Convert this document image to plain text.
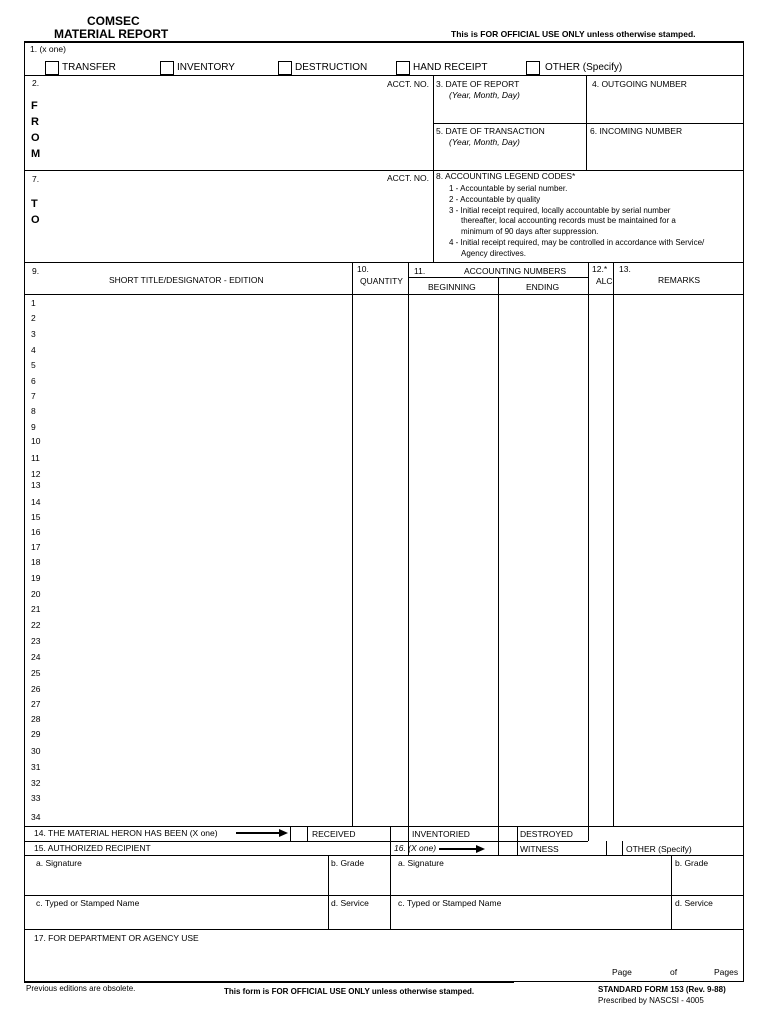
COMSEC
MATERIAL REPORT	This is FOR OFFICIAL USE ONLY unless otherwise stamped.
1. (x one)
TRANSFER	INVENTORY	DESTRUCTION	HAND RECEIPT	OTHER (Specify)
2.
F
R
O
M
ACCT. NO. 3. DATE OF REPORT
(Year, Month, Day)
4. OUTGOING NUMBER
5. DATE OF TRANSACTION
(Year, Month, Day)
6. INCOMING NUMBER
7.
T
O
ACCT. NO. 8. ACCOUNTING LEGEND CODES*
1 - Accountable by serial number.
2 - Accountable by quality
3 - Initial receipt required, locally accountable by serial number
thereafter, local accounting records must be maintained for a
minimum of 90 days after suppression.
4 - Initial receipt required, may be controlled in accordance with Service/
Agency directives.
9.
SHORT TITLE/DESIGNATOR - EDITION
10.
QUANTITY
11.	ACCOUNTING NUMBERS
BEGINNING	ENDING
12.*
ALC
13.
REMARKS
1
2
3
4
5
6
7
8
9
10
11
12
13
14
15
16
17
18
19
20
21
22
23
24
25
26
27
28
29
30
31
32
33
34
14. THE MATERIAL HERON HAS BEEN (X one)	RECEIVED	INVENTORIED	DESTROYED
15. AUTHORIZED RECIPIENT	16. (X one)	WITNESS	OTHER (Specify)
a. Signature	b. Grade	a. Signature	b. Grade
c. Typed or Stamped Name	d. Service	c. Typed or Stamped Name	d. Service
17. FOR DEPARTMENT OR AGENCY USE
Page	of	Pages
Previous editions are obsolete.	This form is FOR OFFICIAL USE ONLY unless otherwise stamped.	STANDARD FORM 153 (Rev. 9-88)
Prescribed by NASCSI - 4005
